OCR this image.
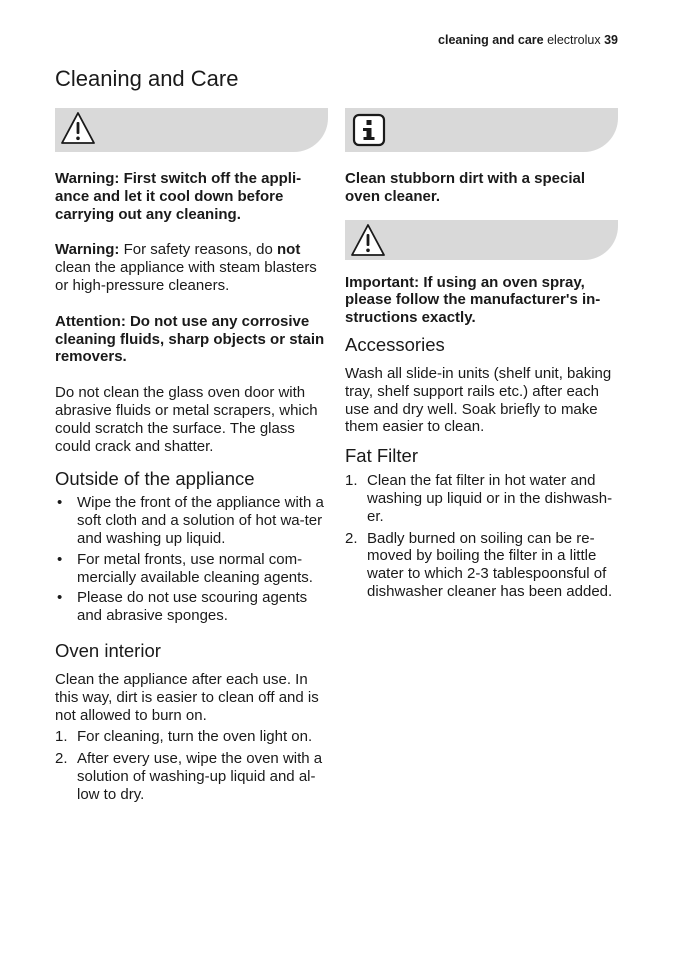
cleaning and care electrolux 39
Cleaning and Care

Warning: First switch off the appli-ance and let it cool down before carrying out any cleaning.

Warning: For safety reasons, do not clean the appliance with steam blasters or high-pressure cleaners.

Attention: Do not use any corrosive cleaning fluids, sharp objects or stain removers.

Do not clean the glass oven door with abrasive fluids or metal scrapers, which could scratch the surface. The glass could crack and shatter.

Outside of the appliance
• Wipe the front of the appliance with a soft cloth and a solution of hot wa-ter and washing up liquid.
• For metal fronts, use normal com-mercially available cleaning agents.
• Please do not use scouring agents and abrasive sponges.
Oven interior

Clean the appliance after each use. In this way, dirt is easier to clean off and is not allowed to burn on.

1. For cleaning, turn the oven light on.
2. After every use, wipe the oven with a solution of washing-up liquid and al-low to dry.

Clean stubborn dirt with a special oven cleaner.

Important: If using an oven spray, please follow the manufacturer's in-structions exactly.

Accessories

Wash all slide-in units (shelf unit, baking tray, shelf support rails etc.) after each use and dry well. Soak briefly to make them easier to clean.

Fat Filter
1. Clean the fat filter in hot water and washing up liquid or in the dishwash-er.
2. Badly burned on soiling can be re-moved by boiling the filter in a little water to which 2-3 tablespoonsful of dishwasher cleaner has been added.
